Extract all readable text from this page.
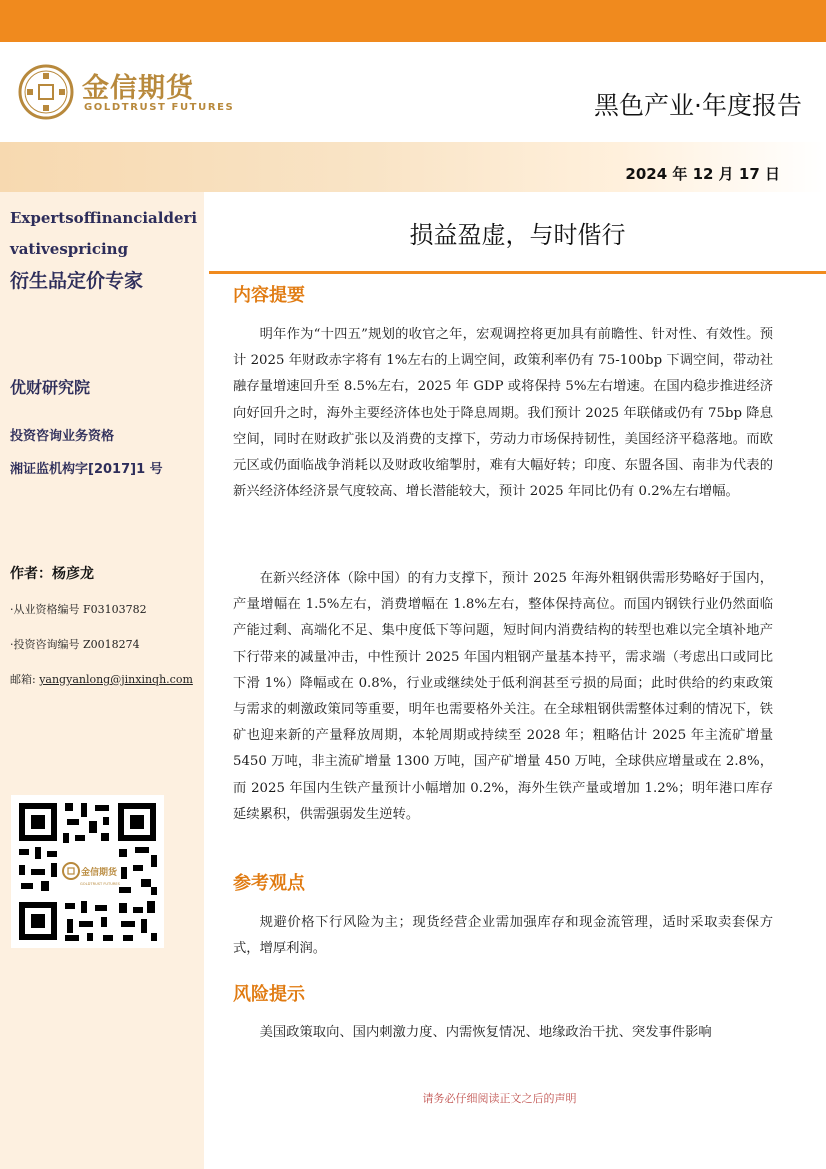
金信期货
GOLDTRUST FUTURES	黑色产业·年度报告
2024 年 12 月 17 日
Expertsoffinancialderivativespricing
衍生品定价专家
优财研究院
投资咨询业务资格
湘证监机构字[2017]1 号
作者：杨彦龙
·从业资格编号 F03103782
·投资咨询编号 Z0018274
邮箱: yangyanlong@jinxinqh.com
金信期货
GOLDTRUST FUTURES
损益盈虚，与时偕行
内容提要
明年作为“十四五”规划的收官之年，宏观调控将更加具有前瞻性、针对性、有效性。预计 2025 年财政赤字将有 1%左右的上调空间，政策利率仍有 75-100bp 下调空间，带动社融存量增速回升至 8.5%左右，2025 年 GDP 或将保持 5%左右增速。在国内稳步推进经济向好回升之时，海外主要经济体也处于降息周期。我们预计 2025 年联储或仍有 75bp 降息空间，同时在财政扩张以及消费的支撑下，劳动力市场保持韧性，美国经济平稳落地。而欧元区或仍面临战争消耗以及财政收缩掣肘，难有大幅好转；印度、东盟各国、南非为代表的新兴经济体经济景气度较高、增长潜能较大，预计 2025 年同比仍有 0.2%左右增幅。
在新兴经济体（除中国）的有力支撑下，预计 2025 年海外粗钢供需形势略好于国内，产量增幅在 1.5%左右，消费增幅在 1.8%左右，整体保持高位。而国内钢铁行业仍然面临产能过剩、高端化不足、集中度低下等问题，短时间内消费结构的转型也难以完全填补地产下行带来的减量冲击，中性预计 2025 年国内粗钢产量基本持平，需求端（考虑出口或同比下滑 1%）降幅或在 0.8%，行业或继续处于低利润甚至亏损的局面；此时供给的约束政策与需求的刺激政策同等重要，明年也需要格外关注。在全球粗钢供需整体过剩的情况下，铁矿也迎来新的产量释放周期，本轮周期或持续至 2028 年；粗略估计 2025 年主流矿增量 5450 万吨，非主流矿增量 1300 万吨，国产矿增量 450 万吨，全球供应增量或在 2.8%，而 2025 年国内生铁产量预计小幅增加 0.2%，海外生铁产量或增加 1.2%；明年港口库存延续累积，供需强弱发生逆转。
参考观点
规避价格下行风险为主；现货经营企业需加强库存和现金流管理，适时采取卖套保方式，增厚利润。
风险提示
美国政策取向、国内刺激力度、内需恢复情况、地缘政治干扰、突发事件影响
请务必仔细阅读正文之后的声明
